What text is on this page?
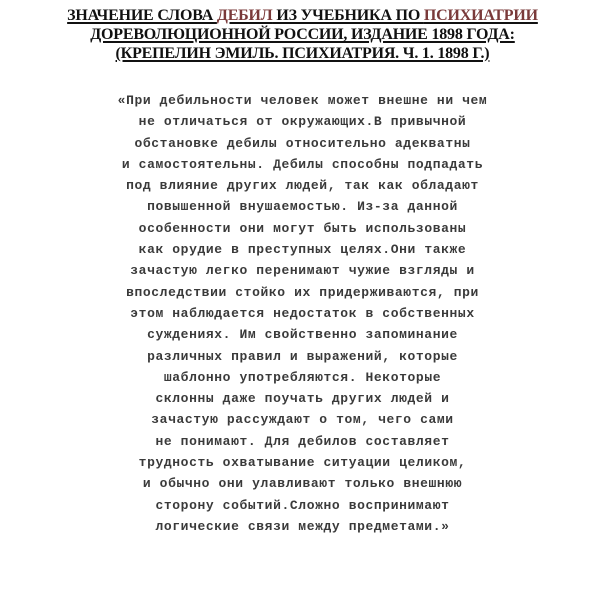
ЗНАЧЕНИЕ СЛОВА ДЕБИЛ ИЗ УЧЕБНИКА ПО ПСИХИАТРИИ
ДОРЕВОЛЮЦИОННОЙ РОССИИ, ИЗДАНИЕ 1898 ГОДА:
(КРЕПЕЛИН ЭМИЛЬ. ПСИХИАТРИЯ. Ч. 1. 1898 Г.)
«При дебильности человек может внешне ни чем
не отличаться от окружающих.В привычной
обстановке дебилы относительно адекватны
и самостоятельны. Дебилы способны подпадать
под влияние других людей, так как обладают
повышенной внушаемостью. Из-за данной
особенности они могут быть использованы
как орудие в преступных целях.Они также
зачастую легко перенимают чужие взгляды и
впоследствии стойко их придерживаются, при
этом наблюдается недостаток в собственных
суждениях. Им свойственно запоминание
различных правил и выражений, которые
шаблонно употребляются. Некоторые
склонны даже поучать других людей и
зачастую рассуждают о том, чего сами
не понимают. Для дебилов составляет
трудность охватывание ситуации целиком,
и обычно они улавливают только внешнюю
сторону событий.Сложно воспринимают
логические связи между предметами.»
